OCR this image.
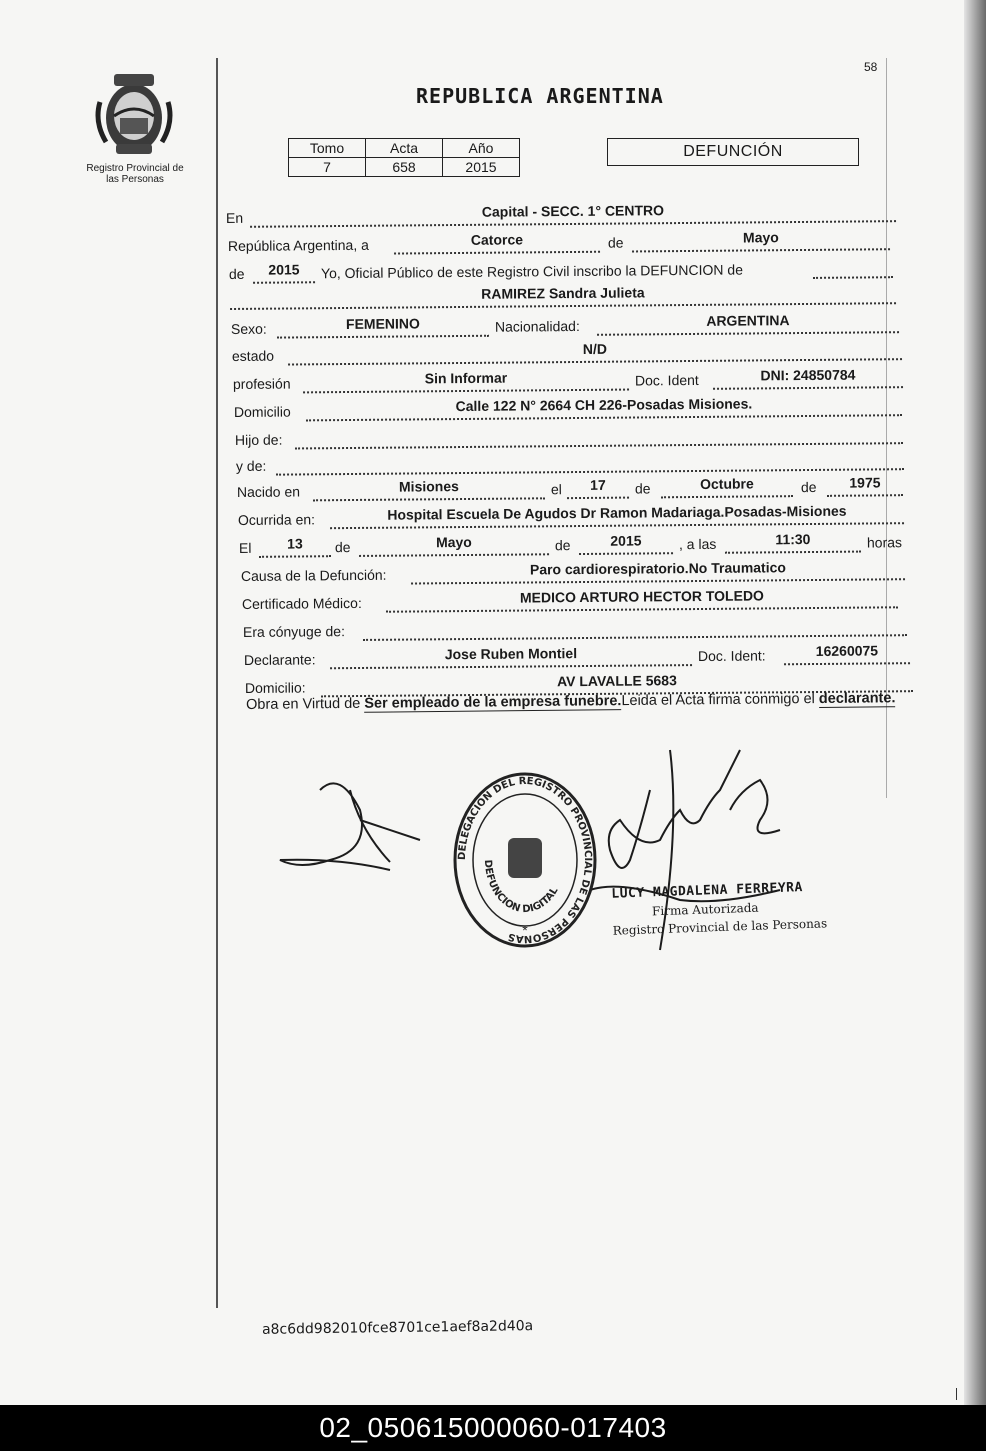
Registro Provincial de
las Personas
58
REPUBLICA ARGENTINA
Tomo	Acta	Año
7	658	2015
DEFUNCIÓN
En	Capital - SECC. 1° CENTRO
República Argentina, a	Catorce	de	Mayo
de	2015	Yo, Oficial Público de este Registro Civil inscribo la DEFUNCION de
RAMIREZ Sandra Julieta
Sexo:	FEMENINO	Nacionalidad:	ARGENTINA
estado	N/D
profesión	Sin Informar	Doc. Ident	DNI: 24850784
Domicilio	Calle 122 N° 2664 CH 226-Posadas Misiones.
Hijo de:
y de:
Nacido en	Misiones	el	17	de	Octubre	de	1975
Ocurrida en:	Hospital Escuela De Agudos Dr Ramon Madariaga.Posadas-Misiones
El	13	de	Mayo	de	2015	, a las	11:30	horas
Causa de la Defunción:	Paro cardiorespiratorio.No Traumatico
Certificado Médico:	MEDICO ARTURO HECTOR TOLEDO
Era cónyuge de:
Declarante:	Jose Ruben Montiel	Doc. Ident:	16260075
Domicilio:	AV LAVALLE 5683
Obra en Virtud de Ser empleado de la empresa funebre.Leida el Acta firma conmigo el declarante.
DELEGACION DEL REGISTRO PROVINCIAL DE LAS PERSONAS
DEFUNCION DIGITAL
*
LUCY MAGDALENA FERREYRA
Firma Autorizada
Registro Provincial de las Personas
a8c6dd982010fce8701ce1aef8a2d40a
02_050615000060-017403
